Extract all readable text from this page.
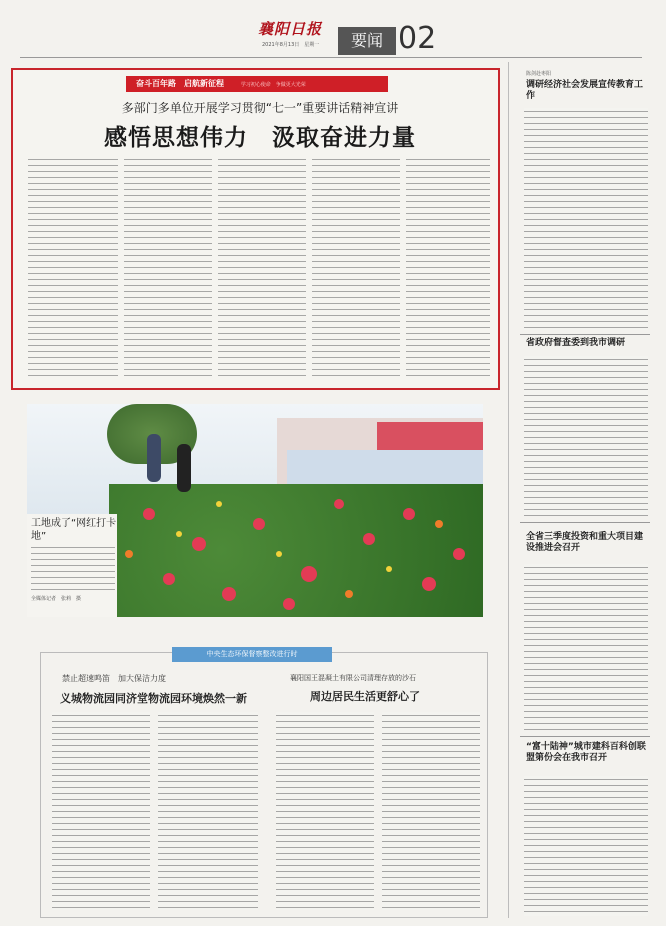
襄阳日报
2021年8月13日　星期一	要闻 02
奋斗百年路　启航新征程	学习初心使命　争做更大光荣
多部门多单位开展学习贯彻“七一”重要讲话精神宣讲
感悟思想伟力　汲取奋进力量
工地成了“网红打卡地”
全媒体记者　张莉　摄
中央生态环保督察整改进行时
禁止超速鸣笛　加大保洁力度
义城物流园同济堂物流园环境焕然一新
襄阳国王混凝土有限公司清理存放的沙石
周边居民生活更舒心了
陈剑赴枣阳
调研经济社会发展宣传教育工作
省政府督查委到我市调研
全省三季度投资和重大项目建设推进会召开
“富十陆神”城市建科百科创联盟第份会在我市召开
